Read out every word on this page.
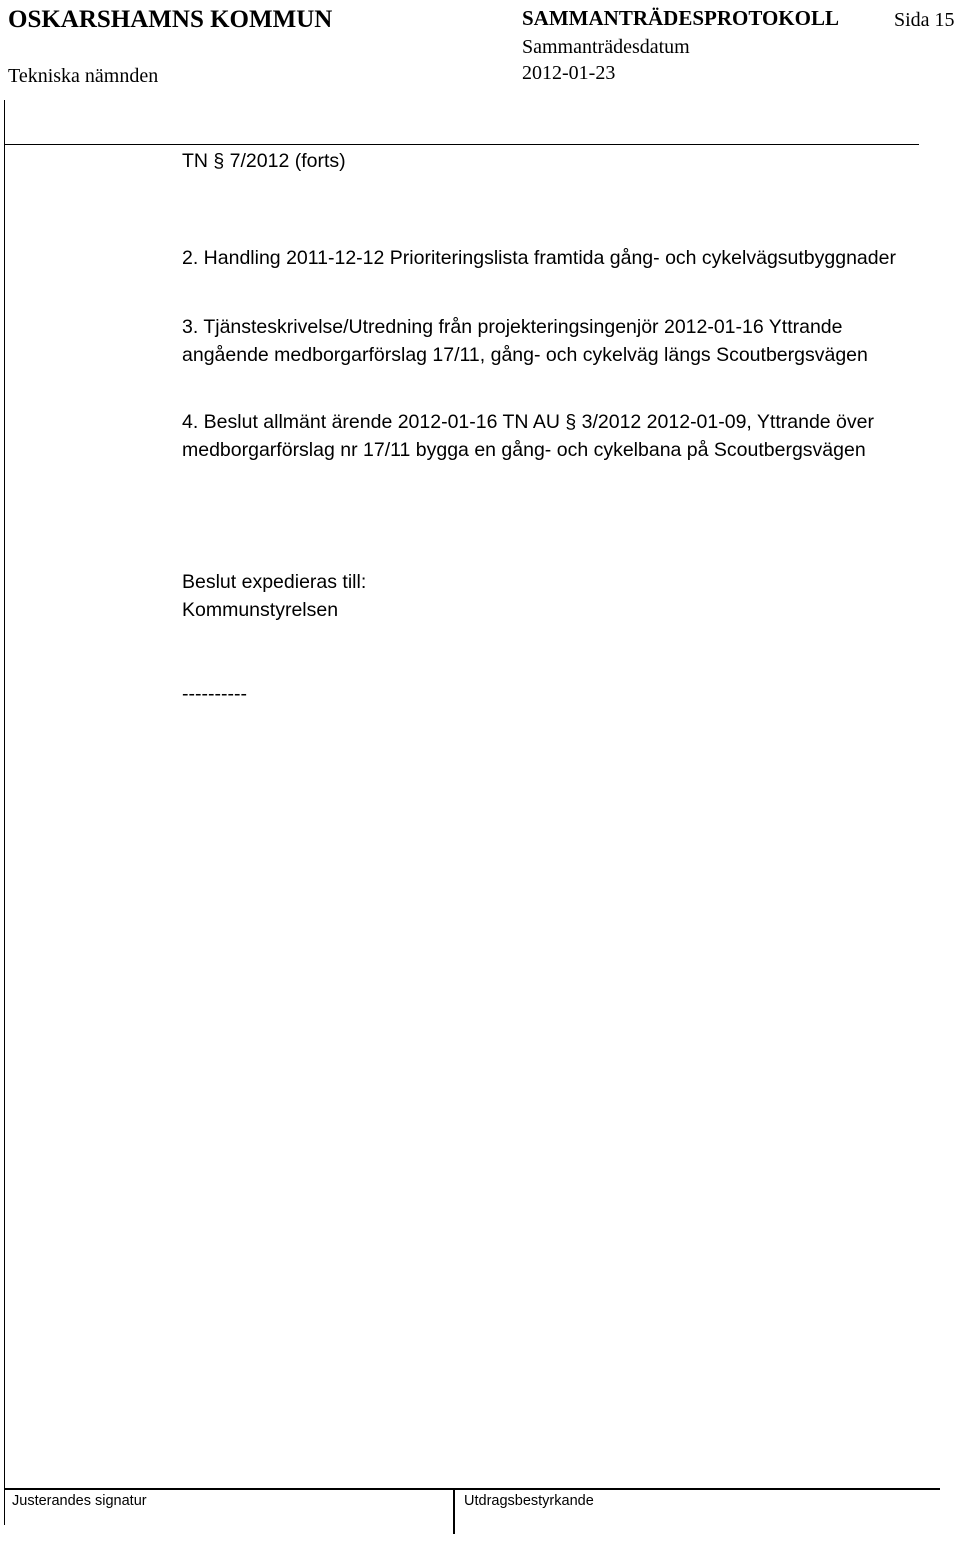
OSKARSHAMNS KOMMUN	SAMMANTRÄDESPROTOKOLL	Sida 15
Tekniska nämnden
Sammanträdesdatum
2012-01-23
TN § 7/2012 (forts)
2. Handling 2011-12-12 Prioriteringslista framtida gång- och cykelvägsutbyggnader
3. Tjänsteskrivelse/Utredning från projekteringsingenjör 2012-01-16 Yttrande angående medborgarförslag 17/11, gång- och cykelväg längs Scoutbergsvägen
4. Beslut allmänt ärende 2012-01-16 TN AU § 3/2012 2012-01-09, Yttrande över medborgarförslag nr 17/11 bygga en gång- och cykelbana på Scoutbergsvägen
Beslut expedieras till:
Kommunstyrelsen
----------
Justerandes signatur	Utdragsbestyrkande
